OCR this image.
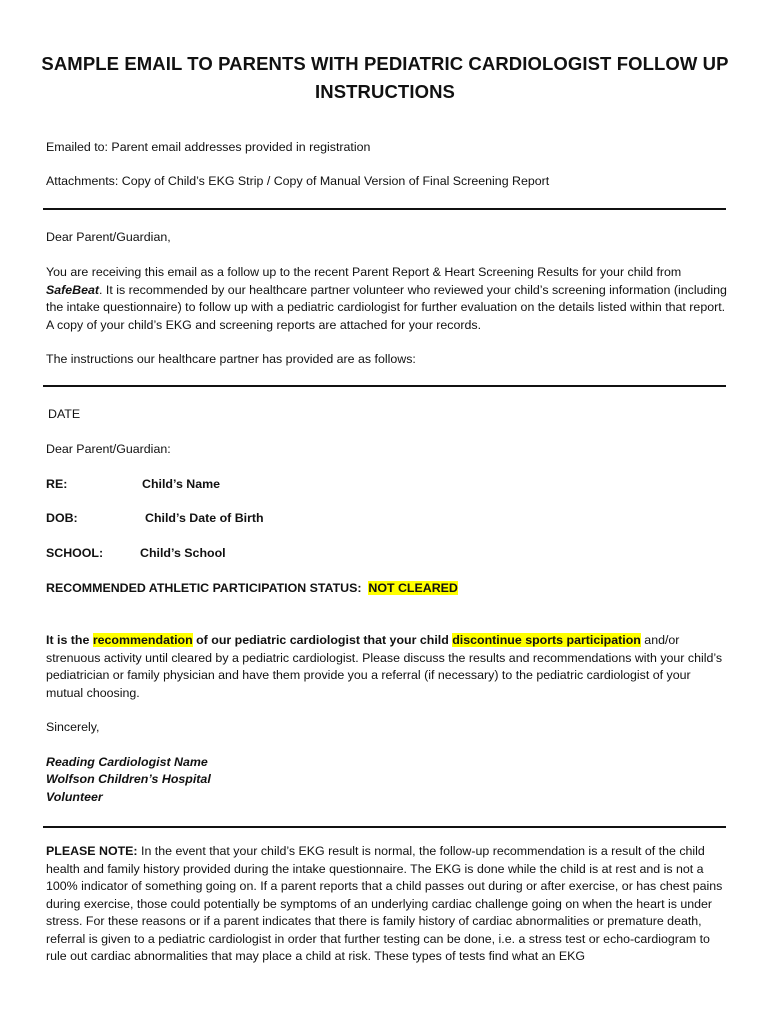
SAMPLE EMAIL TO PARENTS WITH PEDIATRIC CARDIOLOGIST FOLLOW UP INSTRUCTIONS
Emailed to: Parent email addresses provided in registration
Attachments: Copy of Child’s EKG Strip / Copy of Manual Version of Final Screening Report
Dear Parent/Guardian,
You are receiving this email as a follow up to the recent Parent Report & Heart Screening Results for your child from SafeBeat. It is recommended by our healthcare partner volunteer who reviewed your child’s screening information (including the intake questionnaire) to follow up with a pediatric cardiologist for further evaluation on the details listed within that report. A copy of your child’s EKG and screening reports are attached for your records.
The instructions our healthcare partner has provided are as follows:
DATE
Dear Parent/Guardian:
RE:	Child’s Name
DOB:	Child’s Date of Birth
SCHOOL:	Child’s School
RECOMMENDED ATHLETIC PARTICIPATION STATUS: NOT CLEARED
It is the recommendation of our pediatric cardiologist that your child discontinue sports participation and/or strenuous activity until cleared by a pediatric cardiologist. Please discuss the results and recommendations with your child’s pediatrician or family physician and have them provide you a referral (if necessary) to the pediatric cardiologist of your mutual choosing.
Sincerely,
Reading Cardiologist Name
Wolfson Children’s Hospital
Volunteer
PLEASE NOTE: In the event that your child’s EKG result is normal, the follow-up recommendation is a result of the child health and family history provided during the intake questionnaire. The EKG is done while the child is at rest and is not a 100% indicator of something going on. If a parent reports that a child passes out during or after exercise, or has chest pains during exercise, those could potentially be symptoms of an underlying cardiac challenge going on when the heart is under stress. For these reasons or if a parent indicates that there is family history of cardiac abnormalities or premature death, referral is given to a pediatric cardiologist in order that further testing can be done, i.e. a stress test or echo-cardiogram to rule out cardiac abnormalities that may place a child at risk. These types of tests find what an EKG
